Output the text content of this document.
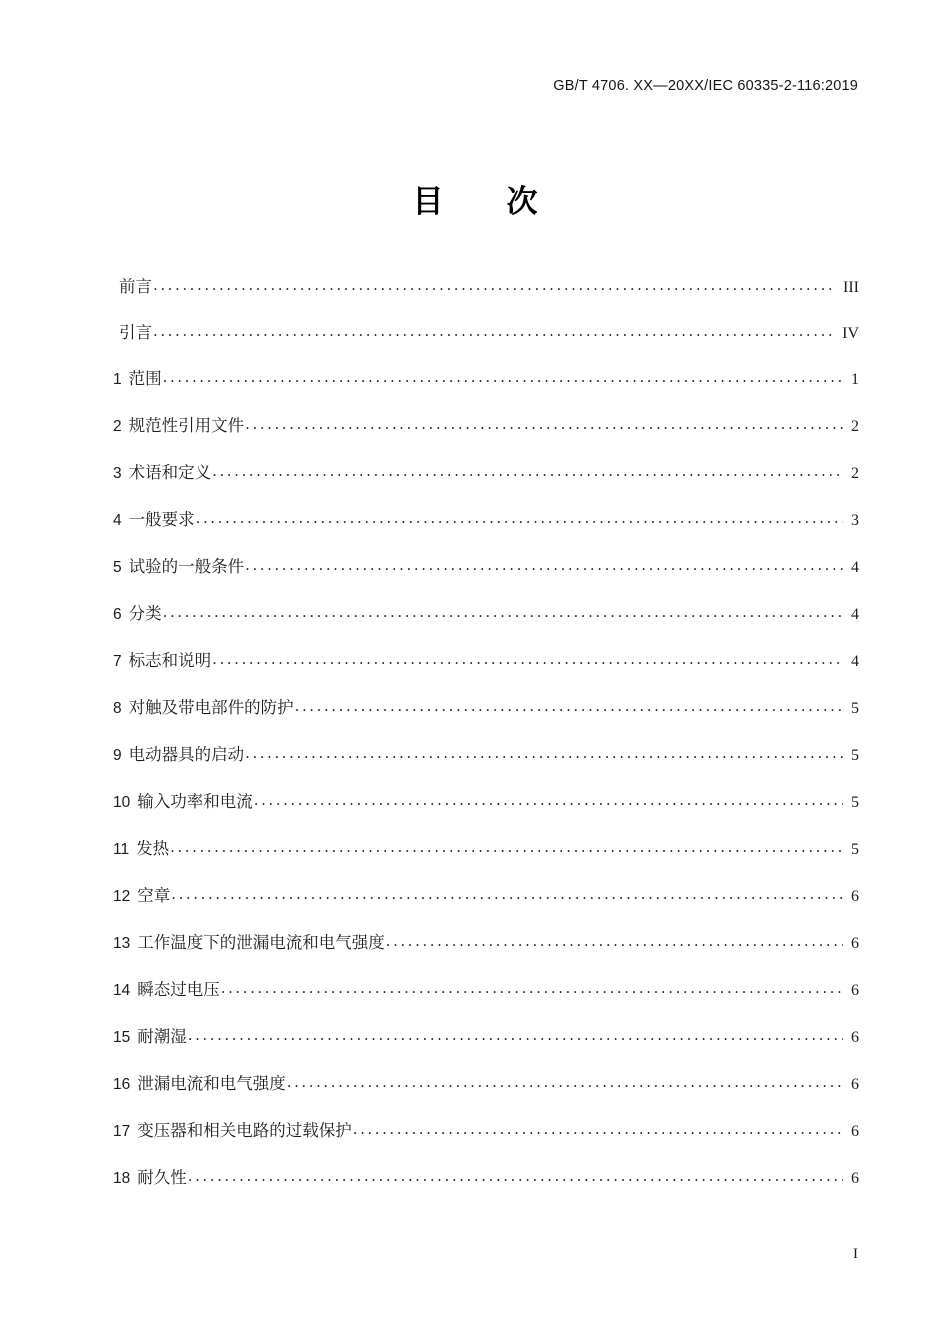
GB/T 4706. XX—20XX/IEC 60335-2-116:2019
目　次
前言 . . .	III
引言 . . .	IV
1 范围 . . .	1
2 规范性引用文件 . . .	2
3 术语和定义 . . .	2
4 一般要求 . . .	3
5 试验的一般条件 . . .	4
6 分类 . . .	4
7 标志和说明 . . .	4
8 对触及带电部件的防护 . . .	5
9 电动器具的启动 . . .	5
10 输入功率和电流 . . .	5
11 发热 . . .	5
12 空章 . . .	6
13 工作温度下的泄漏电流和电气强度 . . .	6
14 瞬态过电压 . . .	6
15 耐潮湿 . . .	6
16 泄漏电流和电气强度 . . .	6
17 变压器和相关电路的过载保护 . . .	6
18 耐久性 . . .	6
I
